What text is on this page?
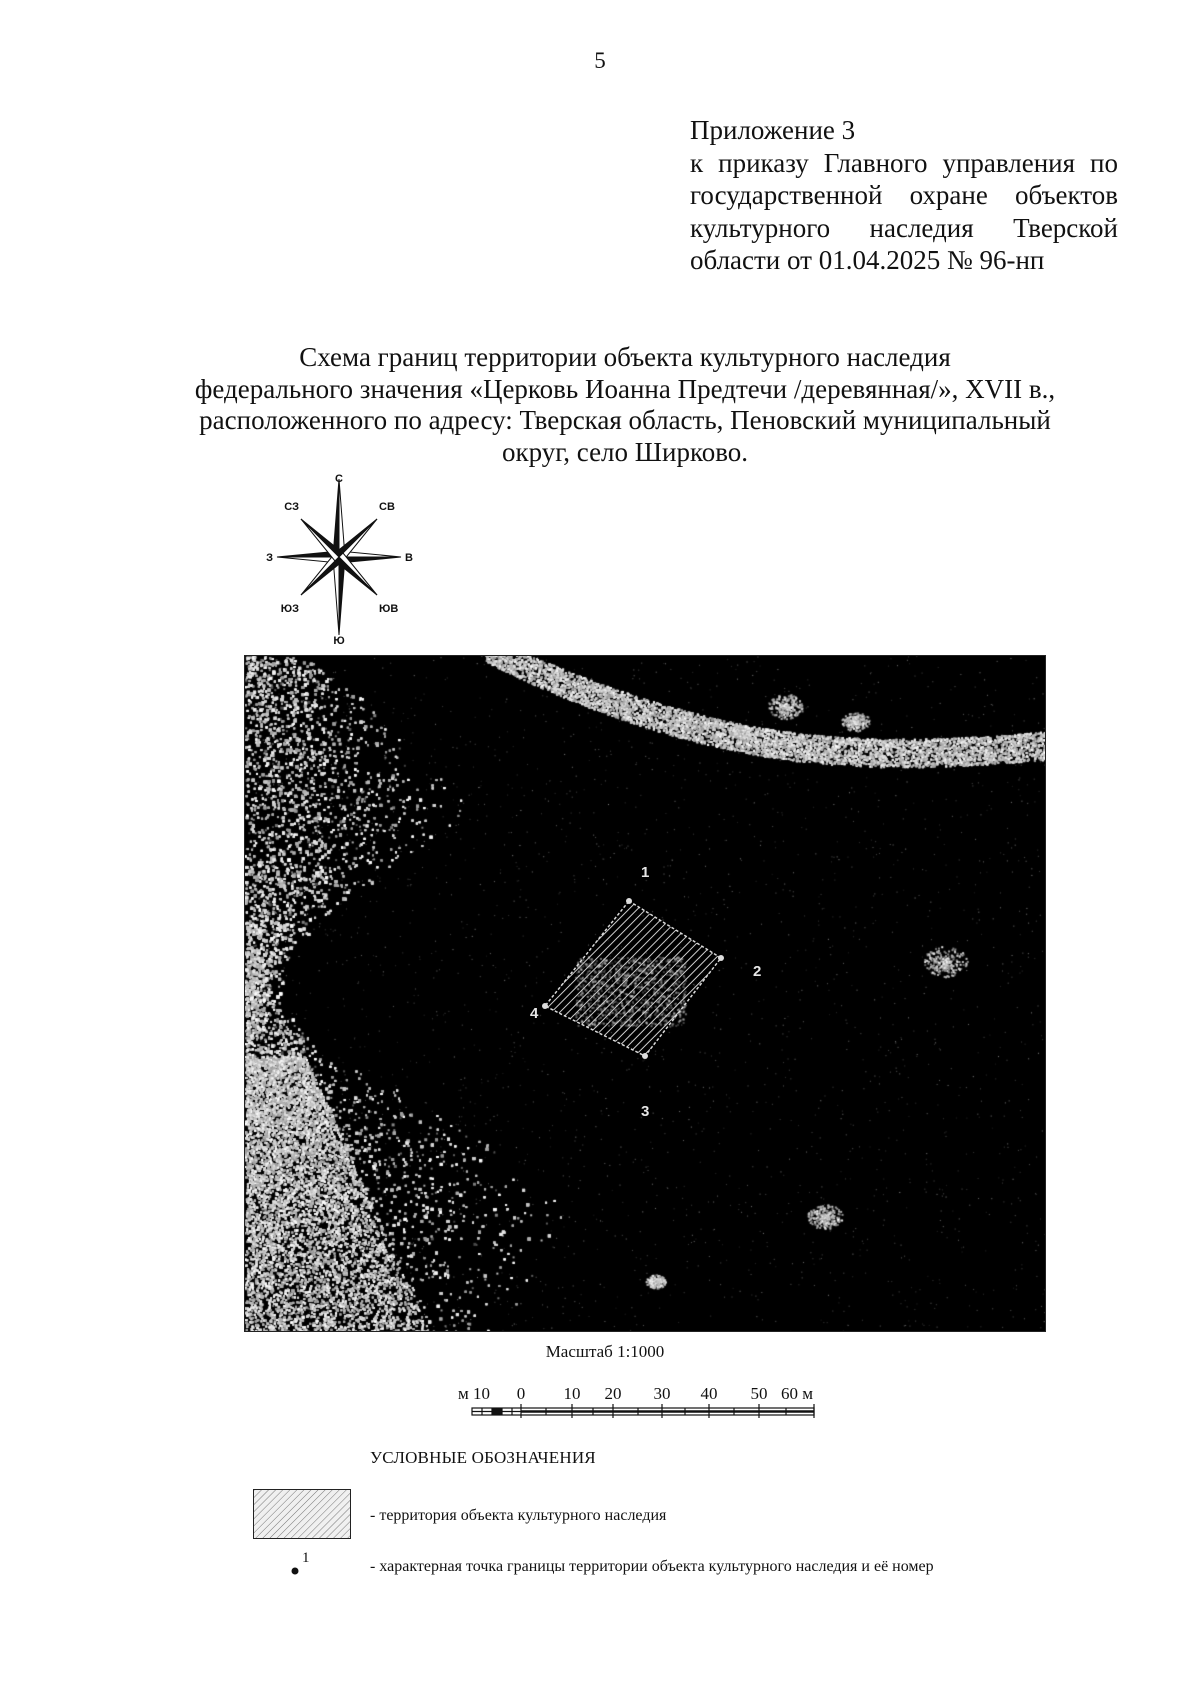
5
Приложение 3
к приказу Главного управления по
государственной охране объектов
культурного наследия Тверской
области от 01.04.2025 № 96-нп
Схема границ территории объекта культурного наследия
федерального значения «Церковь Иоанна Предтечи /деревянная/», XVII в.,
расположенного по адресу: Тверская область, Пеновский муниципальный
округ, село Ширково.
С
СВ
В
ЮВ
Ю
ЮЗ
З
СЗ
1
2
3
4
Масштаб 1:1000
м 10 0 10 20 30 40 50 60 м
УСЛОВНЫЕ ОБОЗНАЧЕНИЯ
- территория объекта культурного наследия
1	- характерная точка границы территории объекта культурного наследия и её номер
